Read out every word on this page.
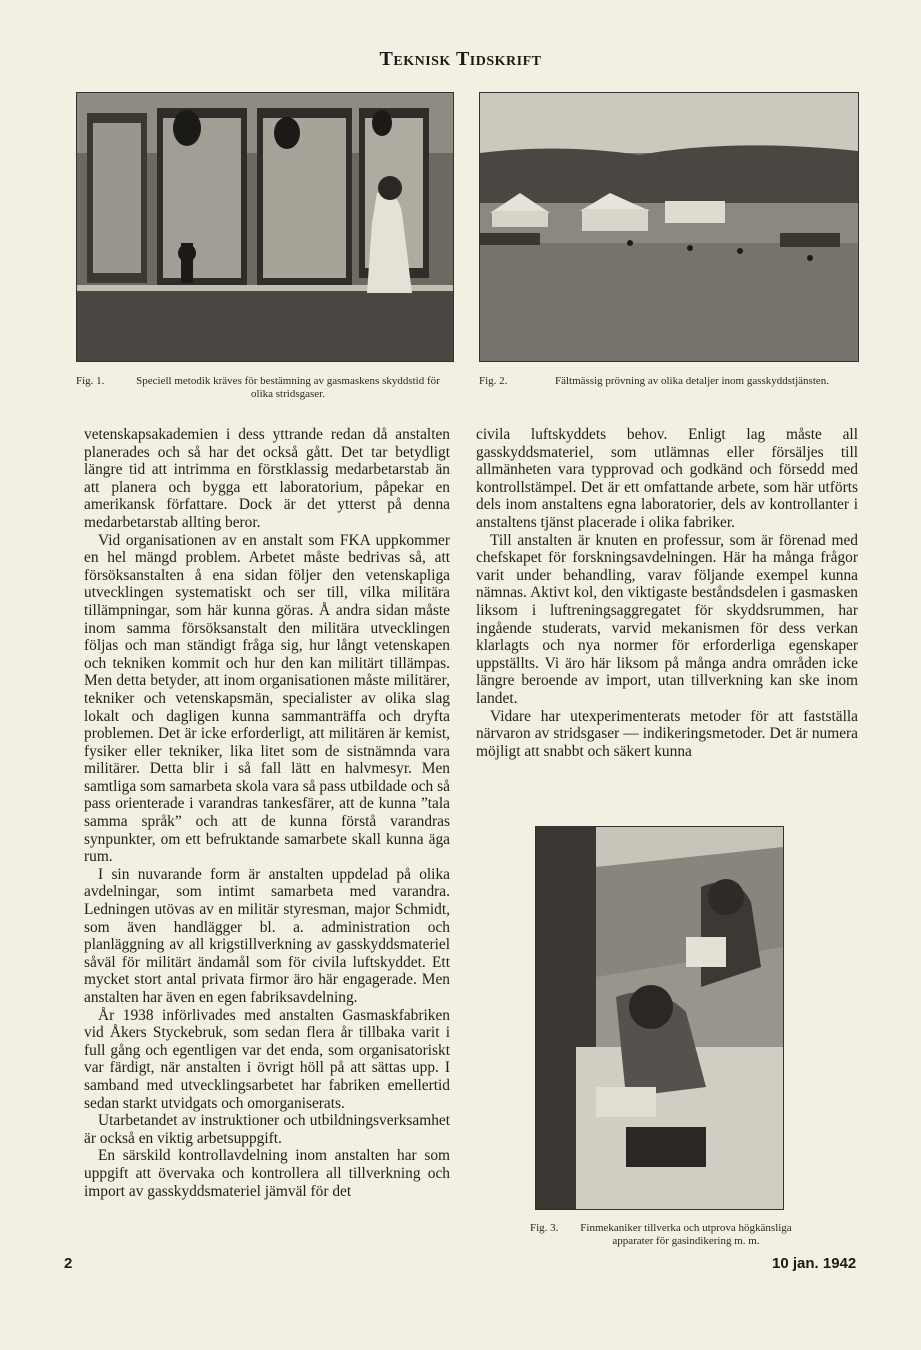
Teknisk Tidskrift
Fig. 1.	Speciell metodik kräves för bestämning av gasmaskens skyddstid för olika stridsgaser.
Fig. 2.	Fältmässig prövning av olika detaljer inom gasskyddstjänsten.

vetenskapsakademien i dess yttrande redan då anstalten planerades och så har det också gått. Det tar betydligt längre tid att intrimma en förstklassig medarbetarstab än att planera och bygga ett laboratorium, påpekar en amerikansk författare. Dock är det ytterst på denna medarbetarstab allting beror.

Vid organisationen av en anstalt som FKA uppkommer en hel mängd problem. Arbetet måste bedrivas så, att försöksanstalten å ena sidan följer den vetenskapliga utvecklingen systematiskt och ser till, vilka militära tillämpningar, som här kunna göras. Å andra sidan måste inom samma försöksanstalt den militära utvecklingen följas och man ständigt fråga sig, hur långt vetenskapen och tekniken kommit och hur den kan militärt tillämpas. Men detta betyder, att inom organisationen måste militärer, tekniker och vetenskapsmän, specialister av olika slag lokalt och dagligen kunna sammanträffa och dryfta problemen. Det är icke erforderligt, att militären är kemist, fysiker eller tekniker, lika litet som de sistnämnda vara militärer. Detta blir i så fall lätt en halvmesyr. Men samtliga som samarbeta skola vara så pass utbildade och så pass orienterade i varandras tankesfärer, att de kunna ”tala samma språk” och att de kunna förstå varandras synpunkter, om ett befruktande samarbete skall kunna äga rum.

I sin nuvarande form är anstalten uppdelad på olika avdelningar, som intimt samarbeta med varandra. Ledningen utövas av en militär styresman, major Schmidt, som även handlägger bl. a. administration och planläggning av all krigstillverkning av gasskyddsmateriel såväl för militärt ändamål som för civila luftskyddet. Ett mycket stort antal privata firmor äro här engagerade. Men anstalten har även en egen fabriksavdelning.

År 1938 införlivades med anstalten Gasmaskfabriken vid Åkers Styckebruk, som sedan flera år tillbaka varit i full gång och egentligen var det enda, som organisatoriskt var färdigt, när anstalten i övrigt höll på att sättas upp. I samband med utvecklingsarbetet har fabriken emellertid sedan starkt utvidgats och omorganiserats.

Utarbetandet av instruktioner och utbildningsverksamhet är också en viktig arbetsuppgift.

En särskild kontrollavdelning inom anstalten har som uppgift att övervaka och kontrollera all tillverkning och import av gasskyddsmateriel jämväl för det

civila luftskyddets behov. Enligt lag måste all gasskyddsmateriel, som utlämnas eller försäljes till allmänheten vara typprovad och godkänd och försedd med kontrollstämpel. Det är ett omfattande arbete, som här utförts dels inom anstaltens egna laboratorier, dels av kontrollanter i anstaltens tjänst placerade i olika fabriker.

Till anstalten är knuten en professur, som är förenad med chefskapet för forskningsavdelningen. Här ha många frågor varit under behandling, varav följande exempel kunna nämnas. Aktivt kol, den viktigaste beståndsdelen i gasmasken liksom i luftreningsaggregatet för skyddsrummen, har ingående studerats, varvid mekanismen för dess verkan klarlagts och nya normer för erforderliga egenskaper uppställts. Vi äro här liksom på många andra områden icke längre beroende av import, utan tillverkning kan ske inom landet.

Vidare har utexperimenterats metoder för att fastställa närvaron av stridsgaser — indikeringsmetoder. Det är numera möjligt att snabbt och säkert kunna

Fig. 3.	Finmekaniker tillverka och utprova högkänsliga apparater för gasindikering m. m.
2	10 jan. 1942
